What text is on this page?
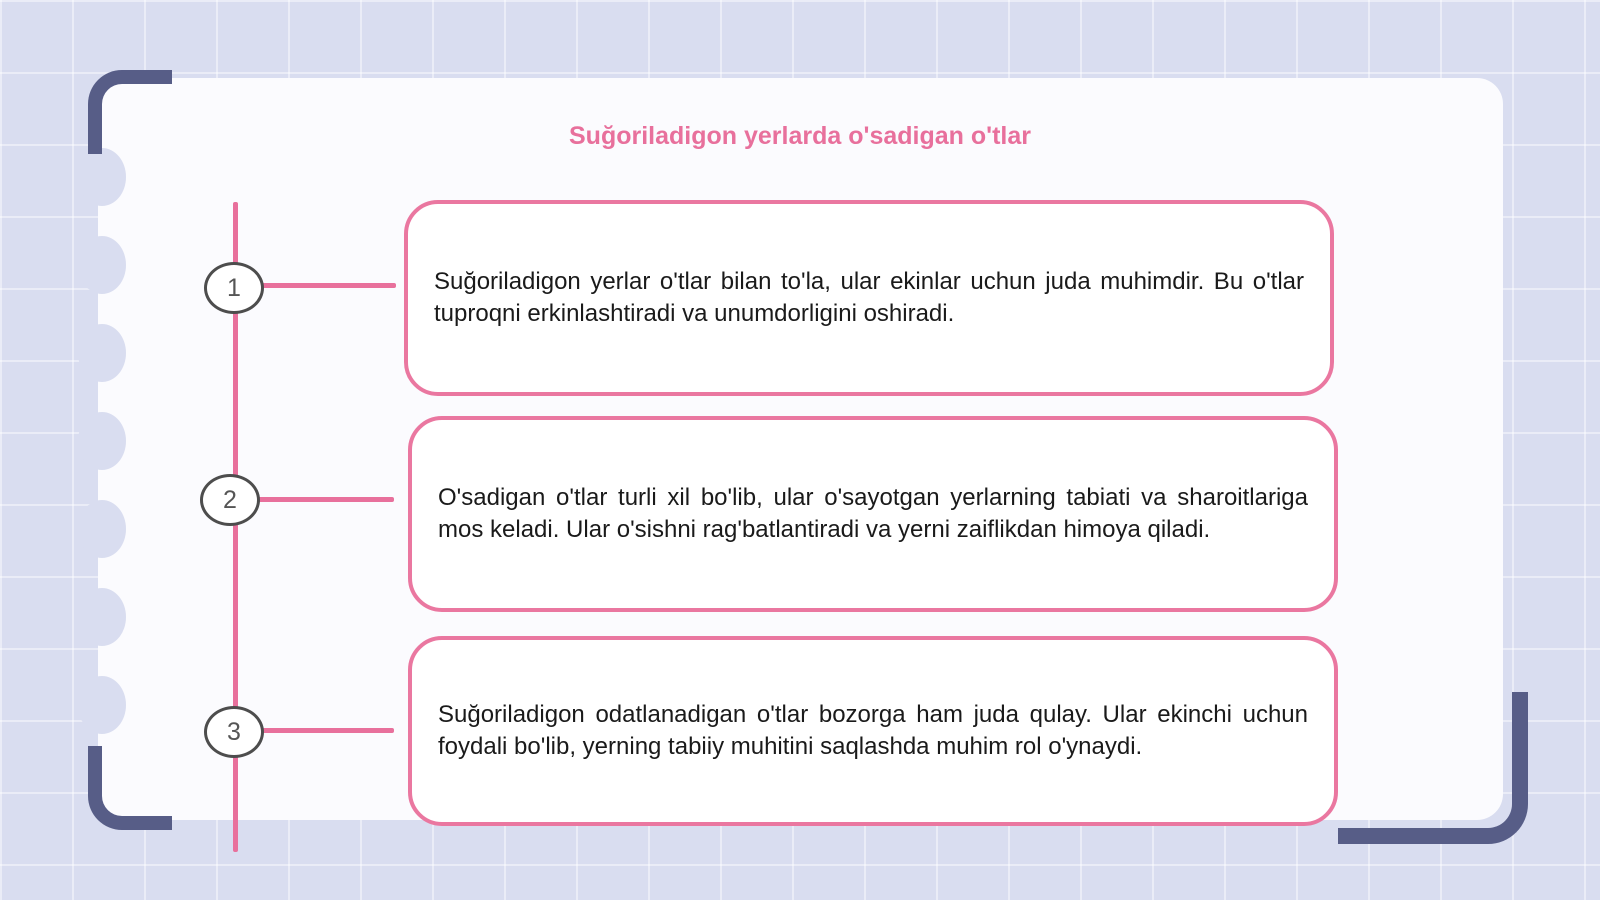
Suğoriladigon yerlarda o'sadigan o'tlar
1	Suğoriladigon yerlar o'tlar bilan to'la, ular ekinlar uchun juda muhimdir. Bu o'tlar tuproqni erkinlashtiradi va unumdorligini oshiradi.

2	O'sadigan o'tlar turli xil bo'lib, ular o'sayotgan yerlarning tabiati va sharoitlariga mos keladi. Ular o'sishni rag'batlantiradi va yerni zaiflikdan himoya qiladi.

3

Suğoriladigon odatlanadigan o'tlar bozorga ham juda qulay. Ular ekinchi uchun foydali bo'lib, yerning tabiiy muhitini saqlashda muhim rol o'ynaydi.
